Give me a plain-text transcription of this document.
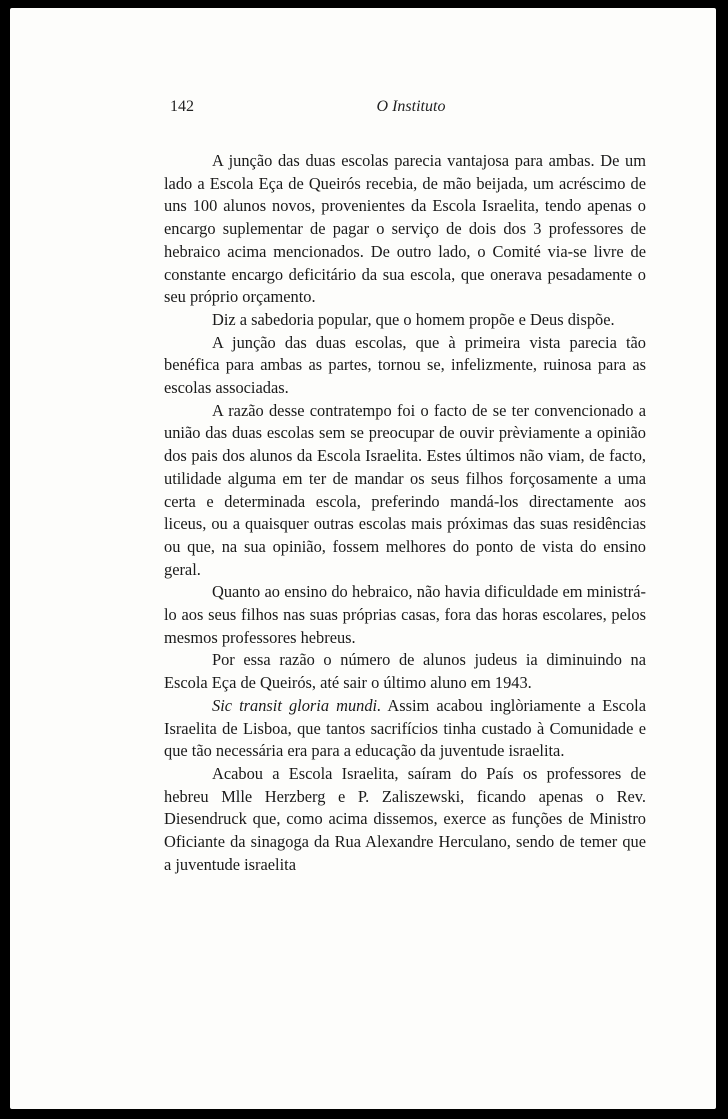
142	O Instituto

A junção das duas escolas parecia vantajosa para ambas. De um lado a Escola Eça de Queirós recebia, de mão beijada, um acréscimo de uns 100 alunos novos, provenientes da Escola Israelita, tendo apenas o encargo suplementar de pagar o serviço de dois dos 3 professores de hebraico acima mencionados. De outro lado, o Comité via-se livre de constante encargo deficitário da sua escola, que onerava pesadamente o seu próprio orçamento.

Diz a sabedoria popular, que o homem propõe e Deus dispõe.

A junção das duas escolas, que à primeira vista parecia tão benéfica para ambas as partes, tornou se, infelizmente, ruinosa para as escolas associadas.

A razão desse contratempo foi o facto de se ter convencionado a união das duas escolas sem se preocupar de ouvir prèviamente a opinião dos pais dos alunos da Escola Israelita. Estes últimos não viam, de facto, utilidade alguma em ter de mandar os seus filhos forçosamente a uma certa e determinada escola, preferindo mandá-los directamente aos liceus, ou a quaisquer outras escolas mais próximas das suas residências ou que, na sua opinião, fossem melhores do ponto de vista do ensino geral.

Quanto ao ensino do hebraico, não havia dificuldade em ministrá-lo aos seus filhos nas suas próprias casas, fora das horas escolares, pelos mesmos professores hebreus.

Por essa razão o número de alunos judeus ia diminuindo na Escola Eça de Queirós, até sair o último aluno em 1943.

Sic transit gloria mundi. Assim acabou inglòriamente a Escola Israelita de Lisboa, que tantos sacrifícios tinha custado à Comunidade e que tão necessária era para a educação da juventude israelita.

Acabou a Escola Israelita, saíram do País os professores de hebreu Mlle Herzberg e P. Zaliszewski, ficando apenas o Rev. Diesendruck que, como acima dissemos, exerce as funções de Ministro Oficiante da sinagoga da Rua Alexandre Herculano, sendo de temer que a juventude israelita
